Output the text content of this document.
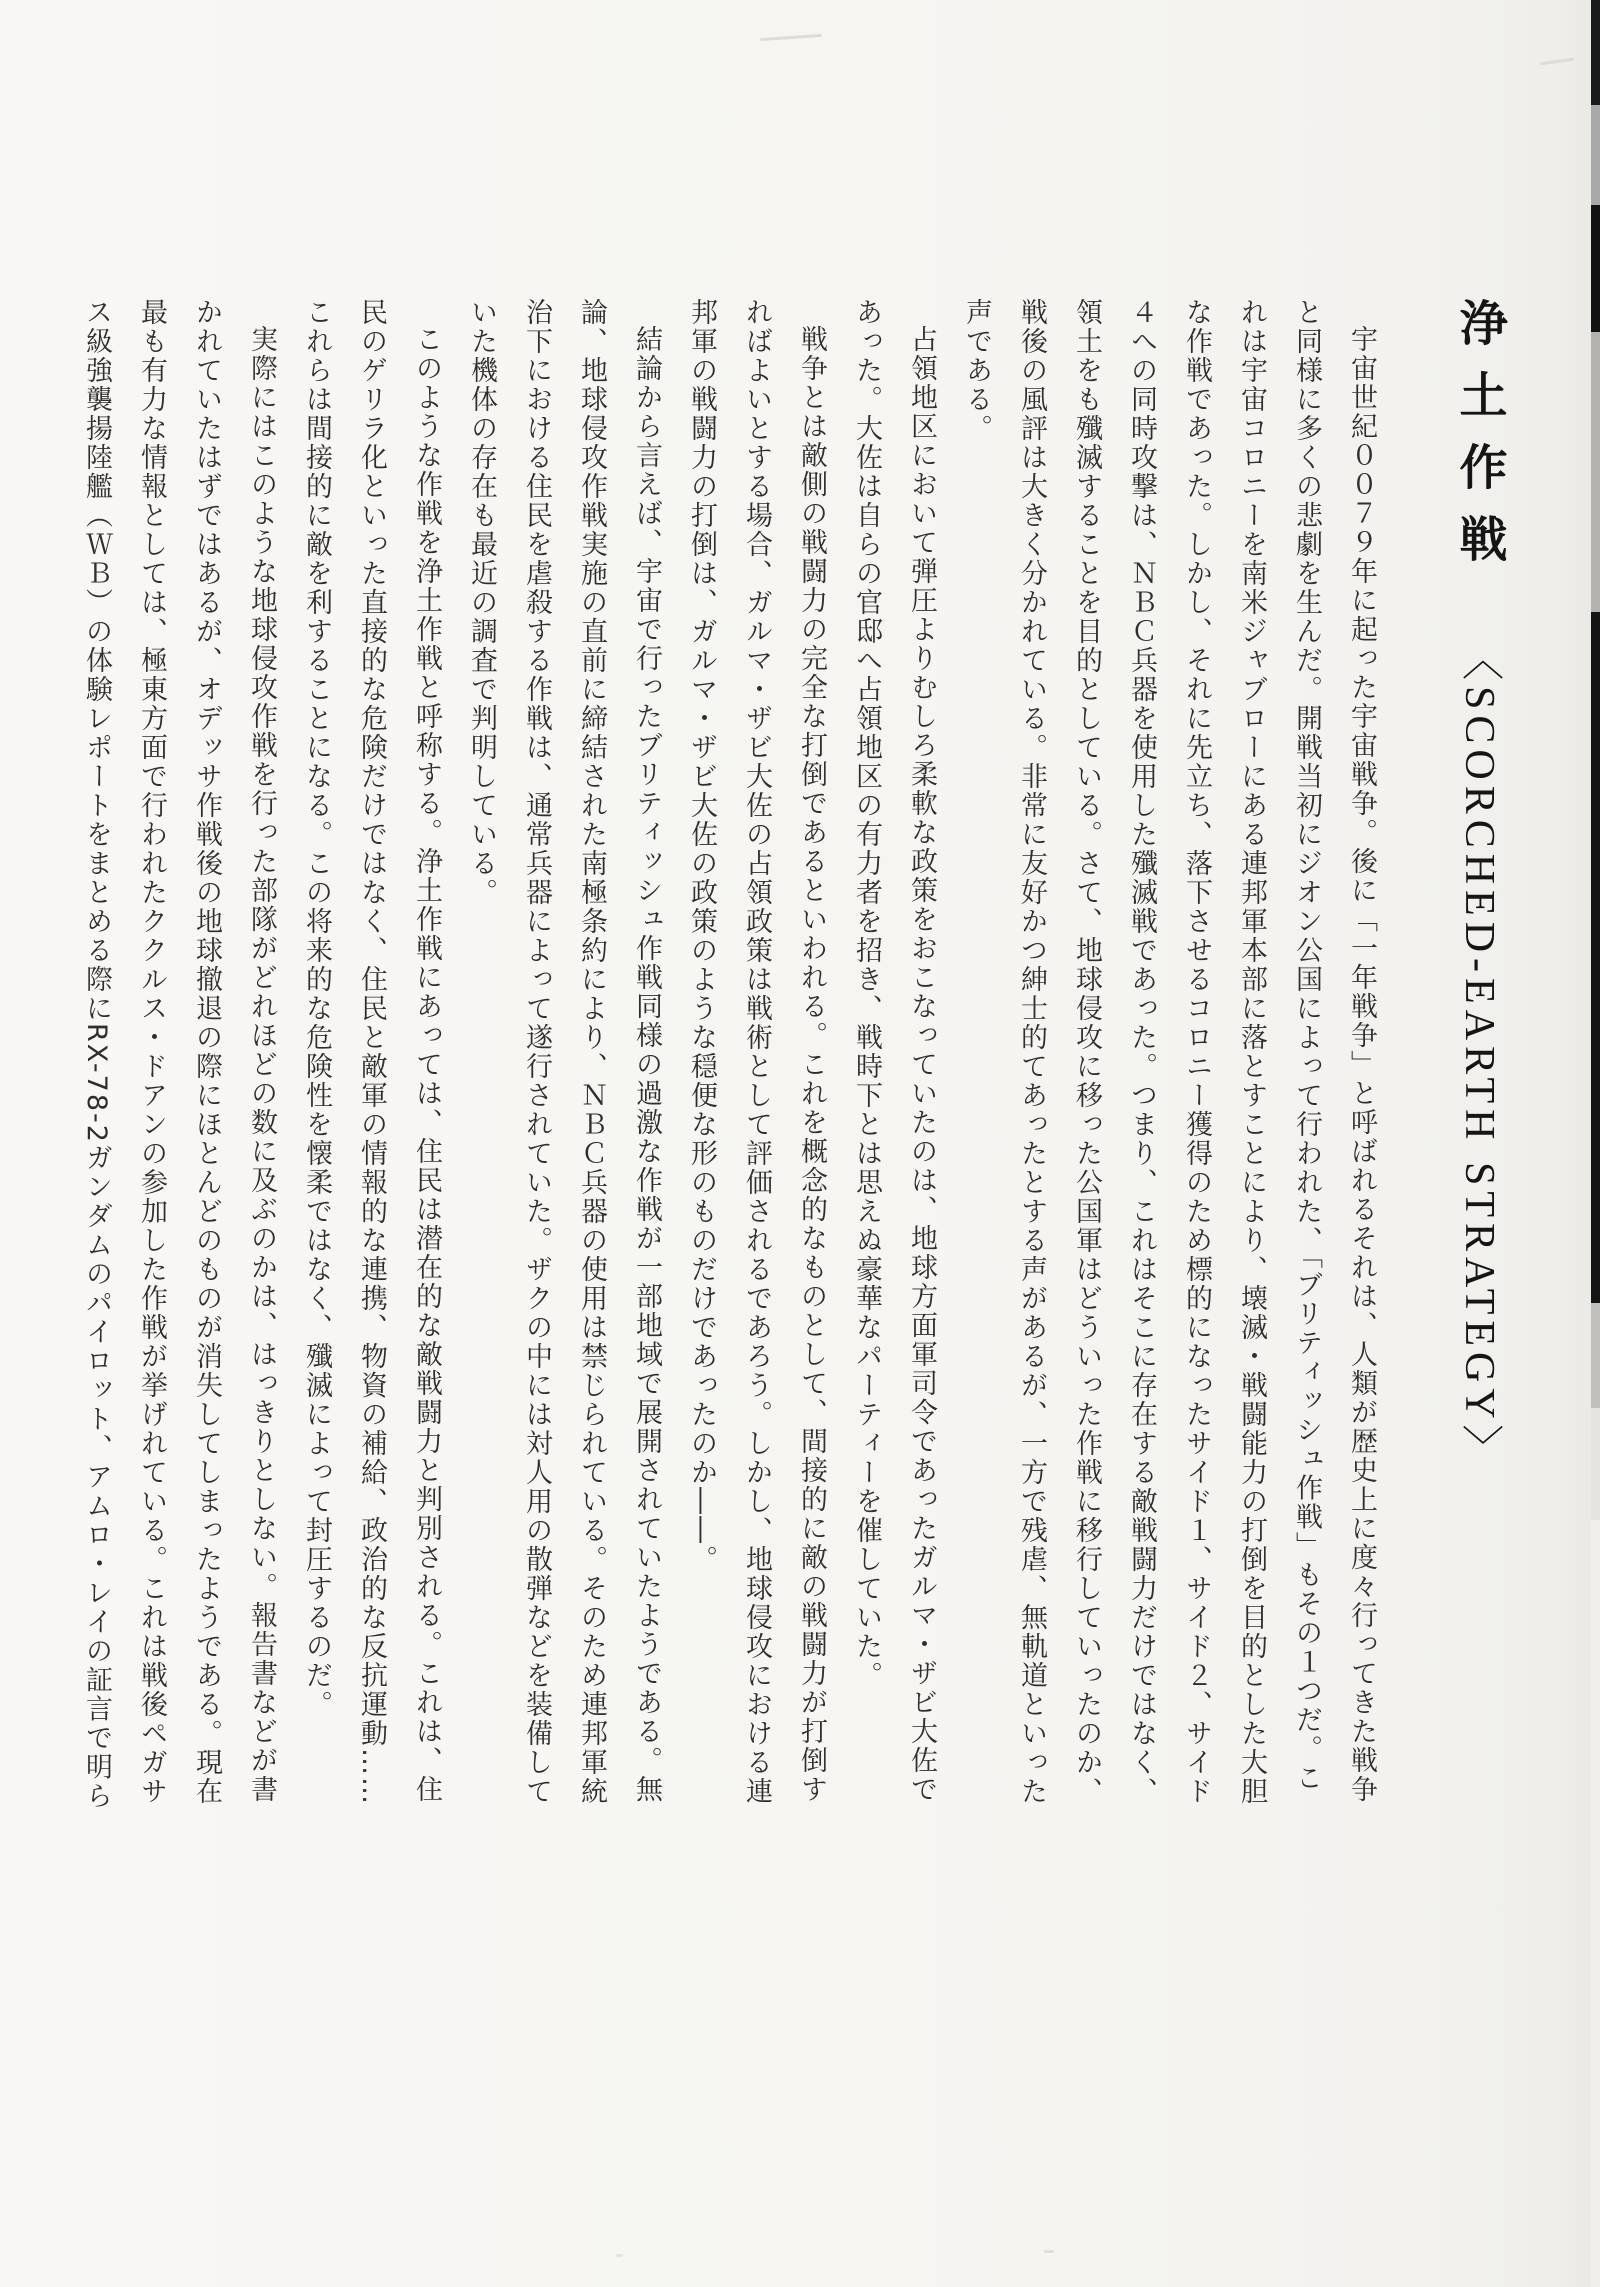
浄土作戦〈SCORCHED-EARTH STRATEGY〉

宇宙世紀００７９年に起った宇宙戦争。後に「一年戦争」と呼ばれるそれは、人類が歴史上に度々行ってきた戦争と同様に多くの悲劇を生んだ。開戦当初にジオン公国によって行われた、「ブリティッシュ作戦」もその１つだ。これは宇宙コロニーを南米ジャブローにある連邦軍本部に落とすことにより、壊滅・戦闘能力の打倒を目的とした大胆な作戦であった。しかし、それに先立ち、落下させるコロニー獲得のため標的になったサイド１、サイド２、サイド４への同時攻撃は、ＮＢＣ兵器を使用した殲滅戦であった。つまり、これはそこに存在する敵戦闘力だけではなく、領土をも殲滅することを目的としている。さて、地球侵攻に移った公国軍はどういった作戦に移行していったのか、戦後の風評は大きく分かれている。非常に友好かつ紳士的てあったとする声があるが、一方で残虐、無軌道といった声である。

占領地区において弾圧よりむしろ柔軟な政策をおこなっていたのは、地球方面軍司令であったガルマ・ザビ大佐であった。大佐は自らの官邸へ占領地区の有力者を招き、戦時下とは思えぬ豪華なパーティーを催していた。

戦争とは敵側の戦闘力の完全な打倒であるといわれる。これを概念的なものとして、間接的に敵の戦闘力が打倒すればよいとする場合、ガルマ・ザビ大佐の占領政策は戦術として評価されるであろう。しかし、地球侵攻における連邦軍の戦闘力の打倒は、ガルマ・ザビ大佐の政策のような穏便な形のものだけであったのか――。

結論から言えば、宇宙で行ったブリティッシュ作戦同様の過激な作戦が一部地域で展開されていたようである。無論、地球侵攻作戦実施の直前に締結された南極条約により、ＮＢＣ兵器の使用は禁じられている。そのため連邦軍統治下における住民を虐殺する作戦は、通常兵器によって遂行されていた。ザクの中には対人用の散弾などを装備していた機体の存在も最近の調査で判明している。

このような作戦を浄土作戦と呼称する。浄土作戦にあっては、住民は潜在的な敵戦闘力と判別される。これは、住民のゲリラ化といった直接的な危険だけではなく、住民と敵軍の情報的な連携、物資の補給、政治的な反抗運動……これらは間接的に敵を利することになる。この将来的な危険性を懐柔ではなく、殲滅によって封圧するのだ。

実際にはこのような地球侵攻作戦を行った部隊がどれほどの数に及ぶのかは、はっきりとしない。報告書などが書かれていたはずではあるが、オデッサ作戦後の地球撤退の際にほとんどのものが消失してしまったようである。現在最も有力な情報としては、極東方面で行われたククルス・ドアンの参加した作戦が挙げれている。これは戦後ペガサス級強襲揚陸艦（ＷＢ）の体験レポートをまとめる際にRX-78-2ガンダムのパイロット、アムロ・レイの証言で明ら
